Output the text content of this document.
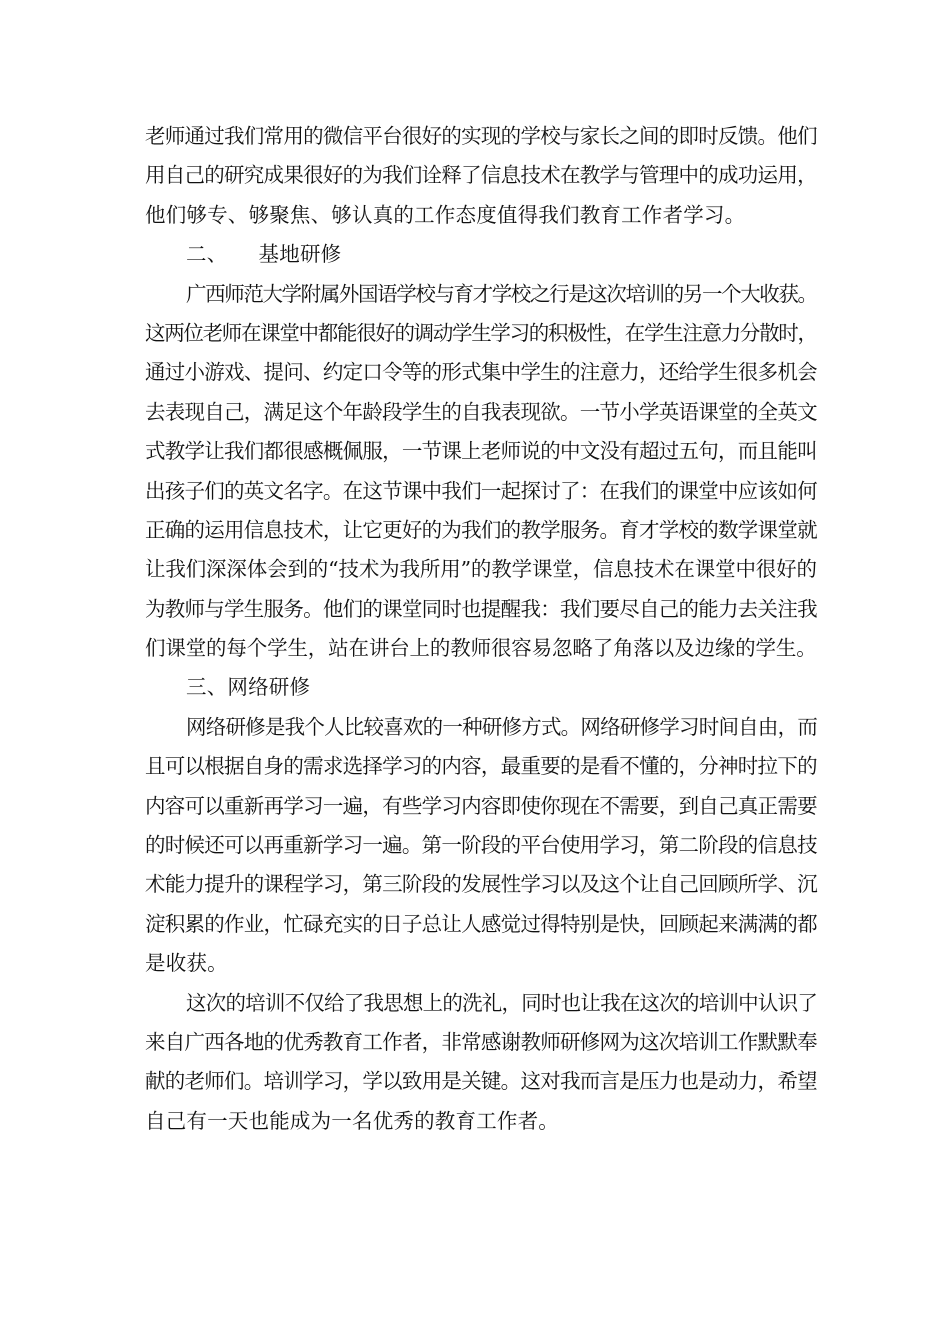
老师通过我们常用的微信平台很好的实现的学校与家长之间的即时反馈。他们
用自己的研究成果很好的为我们诠释了信息技术在教学与管理中的成功运用，
他们够专、够聚焦、够认真的工作态度值得我们教育工作者学习。
二、　　基地研修
广西师范大学附属外国语学校与育才学校之行是这次培训的另一个大收获。
这两位老师在课堂中都能很好的调动学生学习的积极性，在学生注意力分散时，
通过小游戏、提问、约定口令等的形式集中学生的注意力，还给学生很多机会
去表现自己，满足这个年龄段学生的自我表现欲。一节小学英语课堂的全英文
式教学让我们都很感概佩服，一节课上老师说的中文没有超过五句，而且能叫
出孩子们的英文名字。在这节课中我们一起探讨了：在我们的课堂中应该如何
正确的运用信息技术，让它更好的为我们的教学服务。育才学校的数学课堂就
让我们深深体会到的“技术为我所用”的教学课堂，信息技术在课堂中很好的
为教师与学生服务。他们的课堂同时也提醒我：我们要尽自己的能力去关注我
们课堂的每个学生，站在讲台上的教师很容易忽略了角落以及边缘的学生。
三、网络研修
网络研修是我个人比较喜欢的一种研修方式。网络研修学习时间自由，而
且可以根据自身的需求选择学习的内容，最重要的是看不懂的，分神时拉下的
内容可以重新再学习一遍，有些学习内容即使你现在不需要，到自己真正需要
的时候还可以再重新学习一遍。第一阶段的平台使用学习，第二阶段的信息技
术能力提升的课程学习，第三阶段的发展性学习以及这个让自己回顾所学、沉
淀积累的作业，忙碌充实的日子总让人感觉过得特别是快，回顾起来满满的都
是收获。
这次的培训不仅给了我思想上的洗礼，同时也让我在这次的培训中认识了
来自广西各地的优秀教育工作者，非常感谢教师研修网为这次培训工作默默奉
献的老师们。培训学习，学以致用是关键。这对我而言是压力也是动力，希望
自己有一天也能成为一名优秀的教育工作者。
